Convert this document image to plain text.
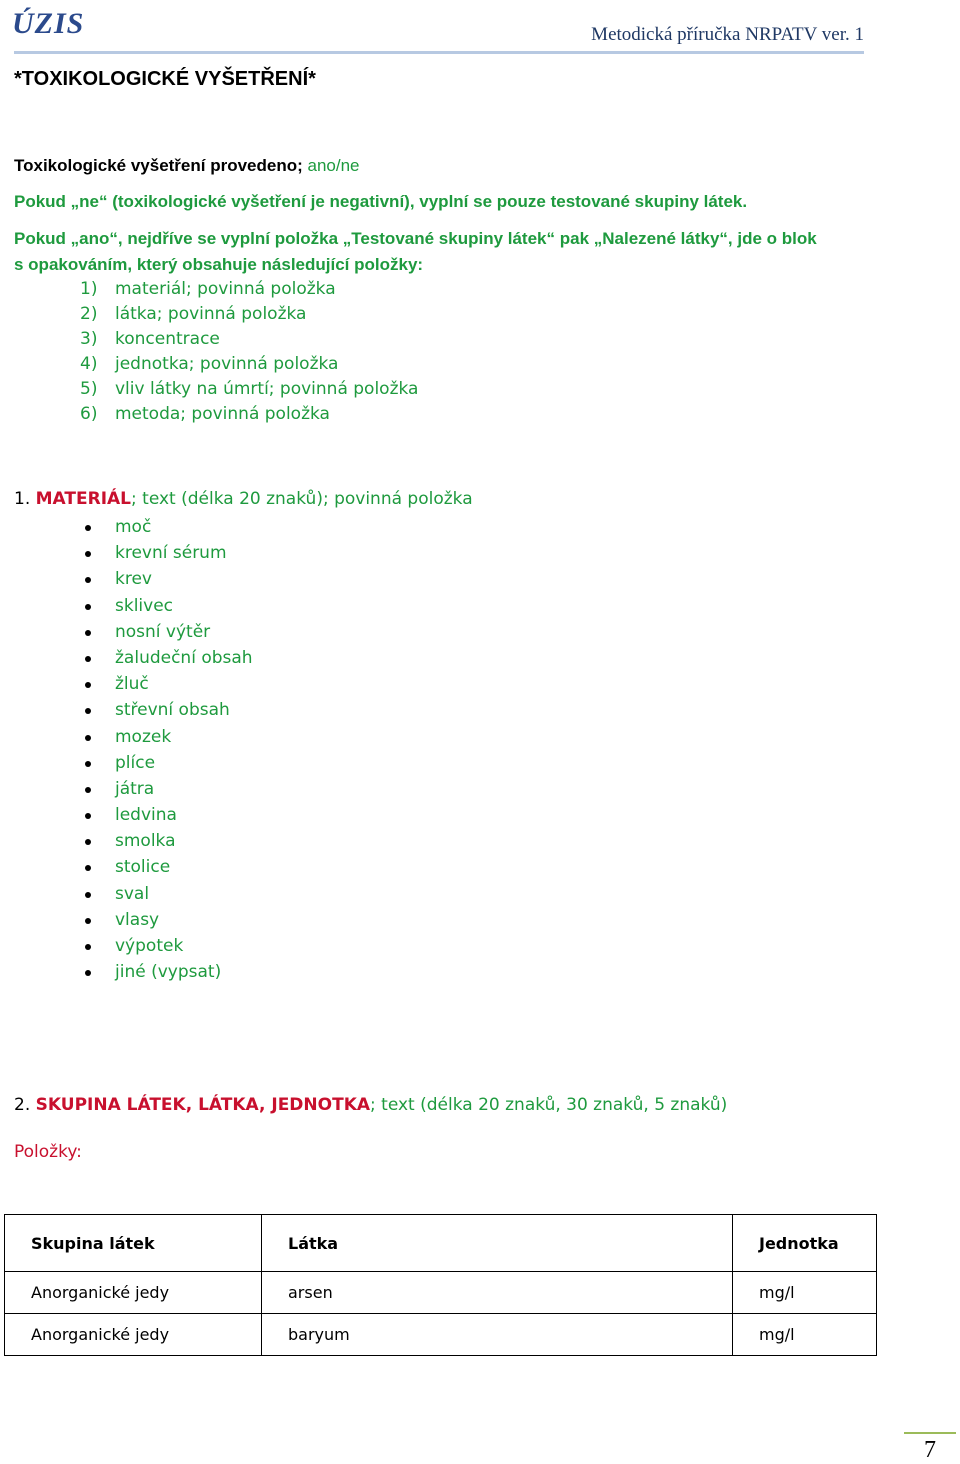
ÚZIS	Metodická příručka NRPATV ver. 1
*TOXIKOLOGICKÉ VYŠETŘENÍ*
Toxikologické vyšetření provedeno; ano/ne
Pokud „ne“ (toxikologické vyšetření je negativní), vyplní se pouze testované skupiny látek.
Pokud „ano“, nejdříve se vyplní položka „Testované skupiny látek“ pak „Nalezené látky“, jde o blok
s opakováním, který obsahuje následující položky:
1) materiál; povinná položka
2) látka; povinná položka
3) koncentrace
4) jednotka; povinná položka
5) vliv látky na úmrtí; povinná položka
6) metoda; povinná položka
1. MATERIÁL; text (délka 20 znaků); povinná položka
moč
krevní sérum
krev
sklivec
nosní výtěr
žaludeční obsah
žluč
střevní obsah
mozek
plíce
játra
ledvina
smolka
stolice
sval
vlasy
výpotek
jiné (vypsat)
2. SKUPINA LÁTEK, LÁTKA, JEDNOTKA; text (délka 20 znaků, 30 znaků, 5 znaků)
Položky:
Skupina látek	Látka	Jednotka
Anorganické jedy	arsen	mg/l
Anorganické jedy	baryum	mg/l
7
